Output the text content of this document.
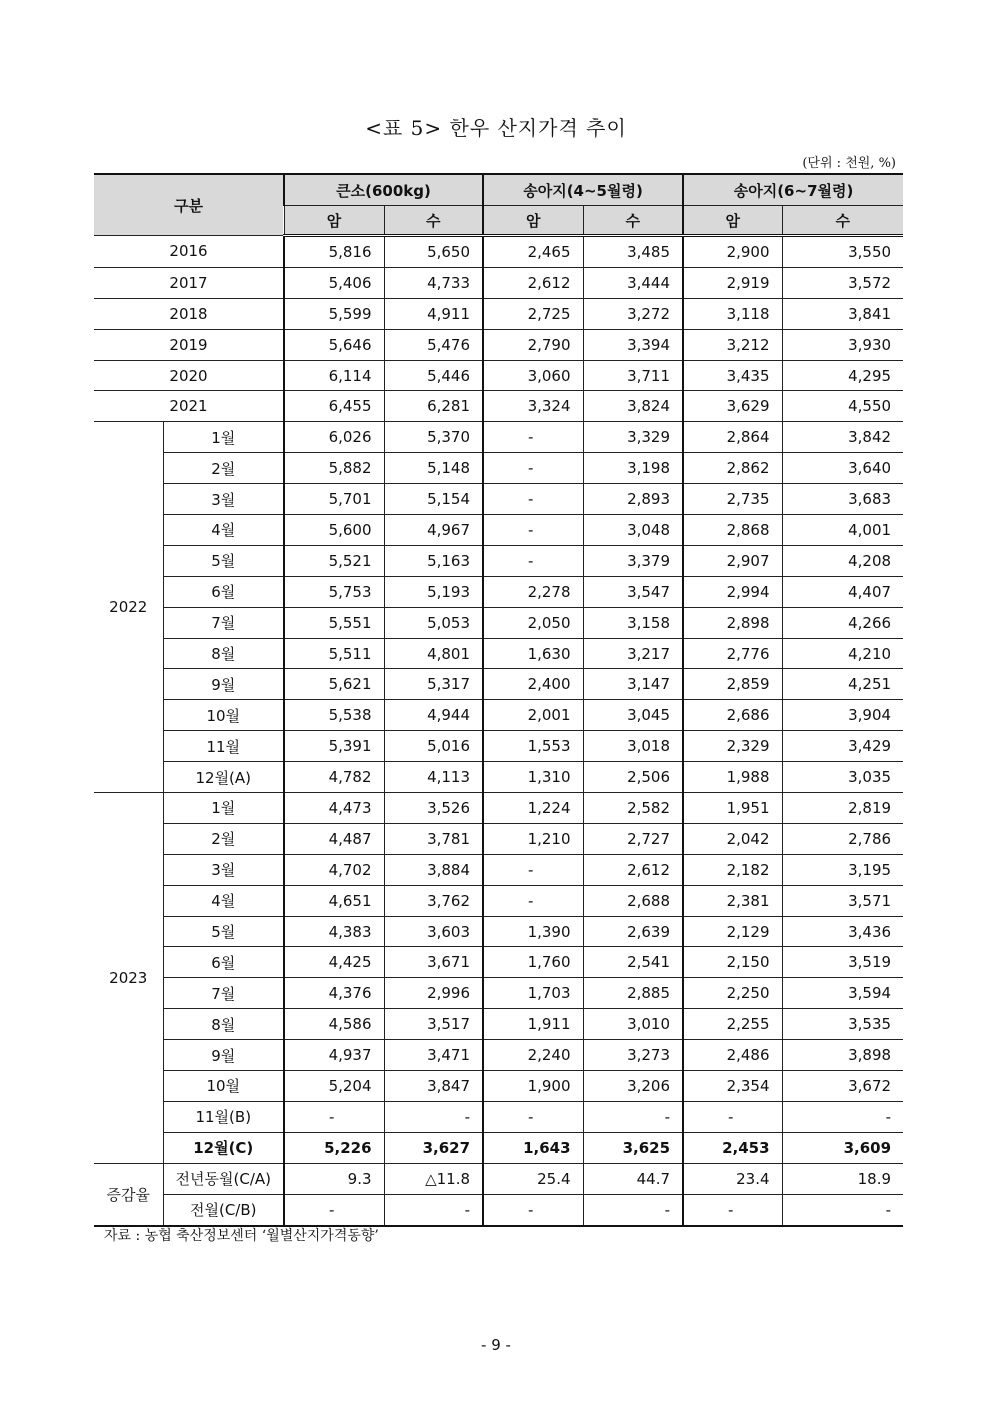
<표 5> 한우 산지가격 추이
(단위 : 천원, %)
구분		큰소(600kg)		송아지(4~5월령)		송아지(6~7월령)	
		암	수	암	수	암	수
2016		5,816	5,650	2,465	3,485	2,900	3,550
2017		5,406	4,733	2,612	3,444	2,919	3,572
2018		5,599	4,911	2,725	3,272	3,118	3,841
2019		5,646	5,476	2,790	3,394	3,212	3,930
2020		6,114	5,446	3,060	3,711	3,435	4,295
2021		6,455	6,281	3,324	3,824	3,629	4,550
2022	1월	6,026	5,370	-	3,329	2,864	3,842
	2월	5,882	5,148	-	3,198	2,862	3,640
	3월	5,701	5,154	-	2,893	2,735	3,683
	4월	5,600	4,967	-	3,048	2,868	4,001
	5월	5,521	5,163	-	3,379	2,907	4,208
	6월	5,753	5,193	2,278	3,547	2,994	4,407
	7월	5,551	5,053	2,050	3,158	2,898	4,266
	8월	5,511	4,801	1,630	3,217	2,776	4,210
	9월	5,621	5,317	2,400	3,147	2,859	4,251
	10월	5,538	4,944	2,001	3,045	2,686	3,904
	11월	5,391	5,016	1,553	3,018	2,329	3,429
	12월(A)	4,782	4,113	1,310	2,506	1,988	3,035
2023	1월	4,473	3,526	1,224	2,582	1,951	2,819
	2월	4,487	3,781	1,210	2,727	2,042	2,786
	3월	4,702	3,884	-	2,612	2,182	3,195
	4월	4,651	3,762	-	2,688	2,381	3,571
	5월	4,383	3,603	1,390	2,639	2,129	3,436
	6월	4,425	3,671	1,760	2,541	2,150	3,519
	7월	4,376	2,996	1,703	2,885	2,250	3,594
	8월	4,586	3,517	1,911	3,010	2,255	3,535
	9월	4,937	3,471	2,240	3,273	2,486	3,898
	10월	5,204	3,847	1,900	3,206	2,354	3,672
	11월(B)	-	-	-	-	-	-
	12월(C)	5,226	3,627	1,643	3,625	2,453	3,609
증감율	전년동월(C/A)	9.3	△11.8	25.4	44.7	23.4	18.9
	전월(C/B)	-	-	-	-	-	-
자료 : 농협 축산정보센터 ‘월별산지가격동향’
- 9 -
